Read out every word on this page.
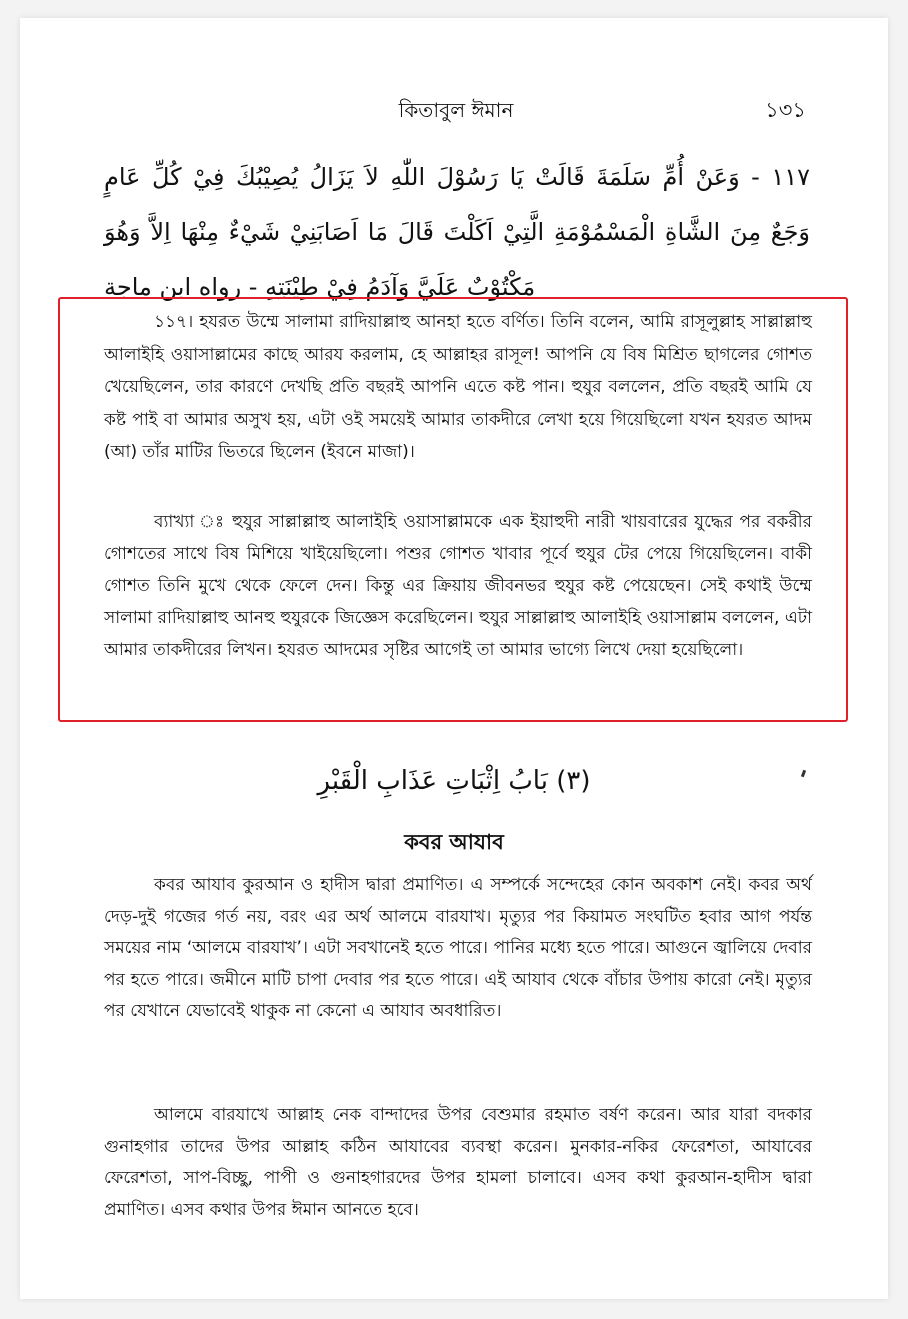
কিতাবুল ঈমান	১৩১
١١٧ - وَعَنْ أُمِّ سَلَمَةَ قَالَتْ يَا رَسُوْلَ اللّٰهِ لاَ يَزَالُ يُصِيْبُكَ فِيْ كُلِّ عَامٍ
وَجَعٌ مِنَ الشَّاةِ الْمَسْمُوْمَةِ الَّتِيْ اَكَلْتَ قَالَ مَا اَصَابَنِيْ شَيْءٌ مِنْهَا اِلاَّ وَهُوَ
مَكْتُوْبٌ عَلَيَّ وَآدَمُ فِيْ طِيْنَتِهِ - رواه ابن ماجة

১১৭। হযরত উম্মে সালামা রাদিয়াল্লাহু আনহা হতে বর্ণিত। তিনি বলেন, আমি রাসূলুল্লাহ সাল্লাল্লাহু আলাইহি ওয়াসাল্লামের কাছে আরয করলাম, হে আল্লাহর রাসূল! আপনি যে বিষ মিশ্রিত ছাগলের গোশত খেয়েছিলেন, তার কারণে দেখছি প্রতি বছরই আপনি এতে কষ্ট পান। হুযুর বললেন, প্রতি বছরই আমি যে কষ্ট পাই বা আমার অসুখ হয়, এটা ওই সময়েই আমার তাকদীরে লেখা হয়ে গিয়েছিলো যখন হযরত আদম (আ) তাঁর মাটির ভিতরে ছিলেন (ইবনে মাজা)।

ব্যাখ্যা ঃ হুযুর সাল্লাল্লাহু আলাইহি ওয়াসাল্লামকে এক ইয়াহুদী নারী খায়বারের যুদ্ধের পর বকরীর গোশতের সাথে বিষ মিশিয়ে খাইয়েছিলো। পশুর গোশত খাবার পূর্বে হুযুর টের পেয়ে গিয়েছিলেন। বাকী গোশত তিনি মুখে থেকে ফেলে দেন। কিন্তু এর ক্রিয়ায় জীবনভর হুযুর কষ্ট পেয়েছেন। সেই কথাই উম্মে সালামা রাদিয়াল্লাহু আনহু হুযুরকে জিজ্ঞেস করেছিলেন। হুযুর সাল্লাল্লাহু আলাইহি ওয়াসাল্লাম বললেন, এটা আমার তাকদীরের লিখন। হযরত আদমের সৃষ্টির আগেই তা আমার ভাগ্যে লিখে দেয়া হয়েছিলো।

(٣) بَابُ اِثْبَاتِ عَذَابِ الْقَبْرِ
কবর আযাব

কবর আযাব কুরআন ও হাদীস দ্বারা প্রমাণিত। এ সম্পর্কে সন্দেহের কোন অবকাশ নেই। কবর অর্থ দেড়-দুই গজের গর্ত নয়, বরং এর অর্থ আলমে বারযাখ। মৃত্যুর পর কিয়ামত সংঘটিত হবার আগ পর্যন্ত সময়ের নাম ‘আলমে বারযাখ’। এটা সবখানেই হতে পারে। পানির মধ্যে হতে পারে। আগুনে জ্বালিয়ে দেবার পর হতে পারে। জমীনে মাটি চাপা দেবার পর হতে পারে। এই আযাব থেকে বাঁচার উপায় কারো নেই। মৃত্যুর পর যেখানে যেভাবেই থাকুক না কেনো এ আযাব অবধারিত।

আলমে বারযাখে আল্লাহ নেক বান্দাদের উপর বেশুমার রহমাত বর্ষণ করেন। আর যারা বদকার গুনাহগার তাদের উপর আল্লাহ কঠিন আযাবের ব্যবস্থা করেন। মুনকার-নকির ফেরেশতা, আযাবের ফেরেশতা, সাপ-বিচ্ছু, পাপী ও গুনাহগারদের উপর হামলা চালাবে। এসব কথা কুরআন-হাদীস দ্বারা প্রমাণিত। এসব কথার উপর ঈমান আনতে হবে।
